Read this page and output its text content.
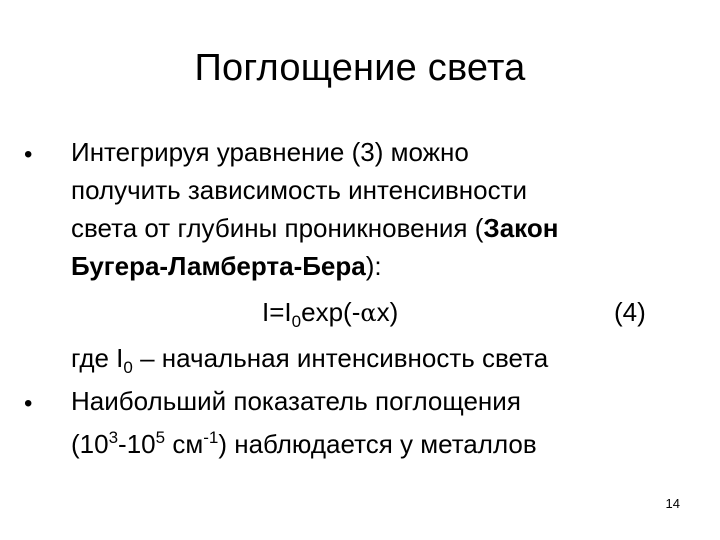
Поглощение света
• Интегрируя уравнение (3) можно
получить зависимость интенсивности
света от глубины проникновения (Закон
Бугера-Ламберта-Бера):
$I=I_0\exp(-\alpha x)$	(4)
где $I_0$ – начальная интенсивность света
• Наибольший показатель поглощения
($10^3-10^5$ $см^{-1}$) наблюдается у металлов
14
